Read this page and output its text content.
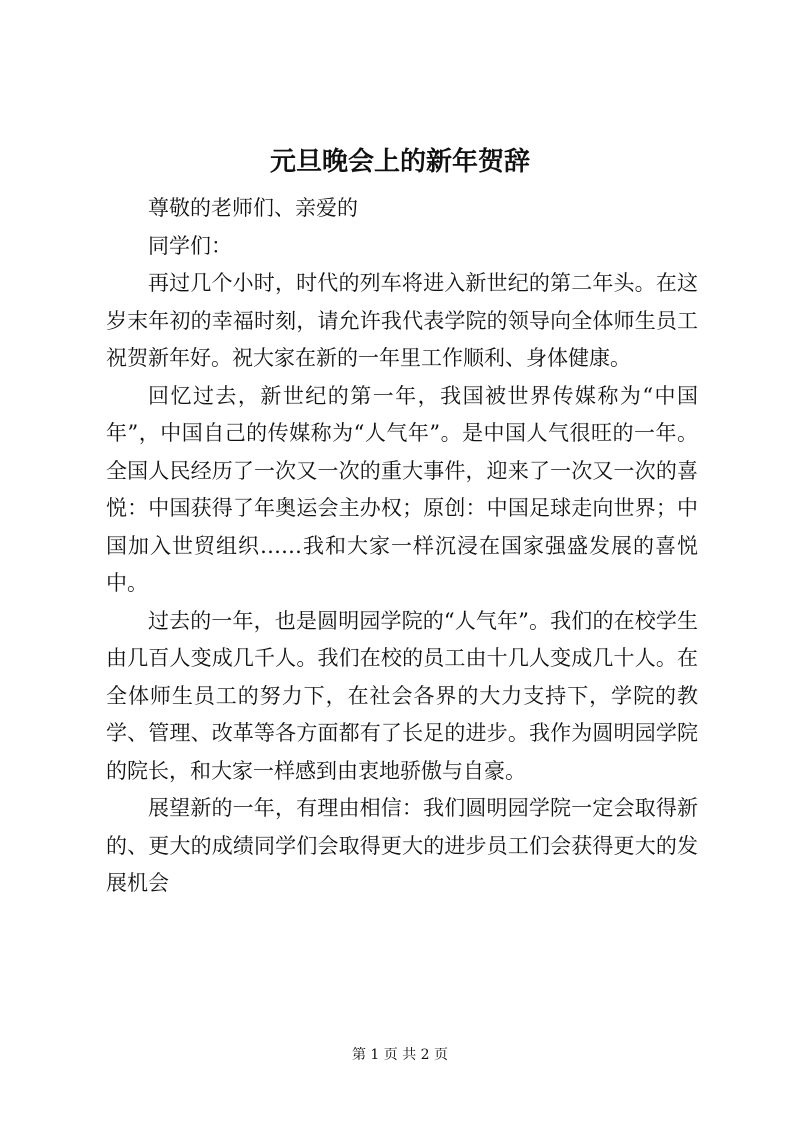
元旦晚会上的新年贺辞

尊敬的老师们、亲爱的

同学们：

再过几个小时，时代的列车将进入新世纪的第二年头。在这岁末年初的幸福时刻，请允许我代表学院的领导向全体师生员工祝贺新年好。祝大家在新的一年里工作顺利、身体健康。

回忆过去，新世纪的第一年，我国被世界传媒称为“中国年”，中国自己的传媒称为“人气年”。是中国人气很旺的一年。全国人民经历了一次又一次的重大事件，迎来了一次又一次的喜悦：中国获得了年奥运会主办权；原创：中国足球走向世界；中国加入世贸组织……我和大家一样沉浸在国家强盛发展的喜悦中。

过去的一年，也是圆明园学院的“人气年”。我们的在校学生由几百人变成几千人。我们在校的员工由十几人变成几十人。在全体师生员工的努力下，在社会各界的大力支持下，学院的教学、管理、改革等各方面都有了长足的进步。我作为圆明园学院的院长，和大家一样感到由衷地骄傲与自豪。

展望新的一年，有理由相信：我们圆明园学院一定会取得新的、更大的成绩同学们会取得更大的进步员工们会获得更大的发展机会

第 1 页 共 2 页
